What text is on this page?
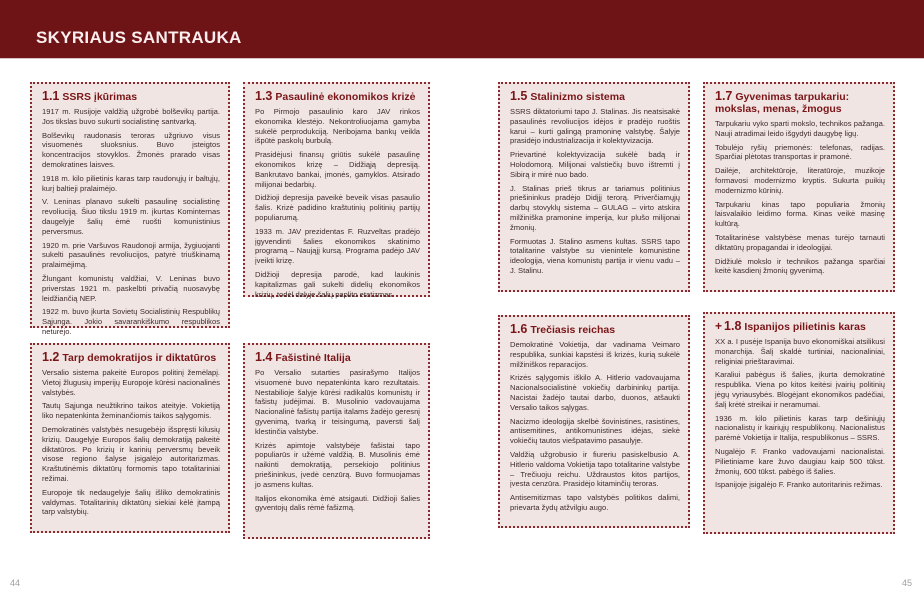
SKYRIAUS SANTRAUKA
1.1 SSRS įkūrimas

1917 m. Rusijoje valdžią užgrobė bolševikų partija. Jos tikslas buvo sukurti socialistinę santvarką.

Bolševikų raudonasis teroras užgriuvo visus visuomenės sluoksnius. Buvo įsteigtos koncentracijos stovyklos. Žmonės prarado visas demokratines laisves.

1918 m. kilo pilietinis karas tarp raudonųjų ir baltųjų, kurį baltieji pralaimėjo.

V. Leninas planavo sukelti pasaulinę socialistinę revoliuciją. Šiuo tikslu 1919 m. įkurtas Kominternas daugelyje šalių ėmė ruošti komunistinius perversmus.

1920 m. prie Varšuvos Raudonoji armija, žygiuojanti sukelti pasaulinės revoliucijos, patyrė triuškinamą pralaimėjimą.

Žlungant komunistų valdžiai, V. Leninas buvo priverstas 1921 m. paskelbti privačią nuosavybę leidžiančią NEP.

1922 m. buvo įkurta Sovietų Socialistinių Respublikų Sąjunga. Jokio savarankiškumo respublikos neturėjo.

1.2 Tarp demokratijos ir diktatūros

Versalio sistema pakeitė Europos politinį žemėlapį. Vietoj žlugusių imperijų Europoje kūrėsi nacionalinės valstybės.

Tautų Sąjunga neužtikrino taikos ateityje. Vokietiją liko nepatenkinta žeminančiomis taikos sąlygomis.

Demokratinės valstybės nesugebėjo išspręsti kilusių krizių. Daugelyje Europos šalių demokratiją pakeitė diktatūros. Po krizių ir karinių perversmų beveik visose regiono šalyse įsigalėjo autoritarizmas. Kraštutinėmis diktatūrų formomis tapo totalitariniai režimai.

Europoje tik nedaugelyje šalių išliko demokratinis valdymas. Totalitarinių diktatūrų siekiai kėlė įtampą tarp valstybių.

1.3 Pasaulinė ekonomikos krizė

Po Pirmojo pasaulinio karo JAV rinkos ekonomika klestėjo. Nekontroliuojama gamyba sukėlė perprodukciją. Neribojama bankų veikla išpūtė paskolų burbulą.

Prasidėjusi finansų griūtis sukėlė pasaulinę ekonomikos krizę – Didžiąją depresiją. Bankrutavo bankai, įmonės, gamyklos. Atsirado milijonai bedarbių.

Didžioji depresija paveikė beveik visas pasaulio šalis. Krizė padidino kraštutinių politinių partijų populiarumą.

1933 m. JAV prezidentas F. Ruzveltas pradėjo įgyvendinti šalies ekonomikos skatinimo programą – Naująjį kursą. Programa padėjo JAV įveikti krizę.

Didžioji depresija parodė, kad laukinis kapitalizmas gali sukelti didelių ekonomikos krizių, todėl dalyje šalių paplito etatizmas.

1.4 Fašistinė Italija

Po Versalio sutarties pasirašymo Italijos visuomenė buvo nepatenkinta karo rezultatais. Nestabilioje šalyje kūrėsi radikalūs komunistų ir fašistų judėjimai. B. Musolinio vadovaujama Nacionalinė fašistų partija italams žadėjo geresnį gyvenimą, tvarką ir teisingumą, paversti šalį klestinčia valstybe.

Krizės apimtoje valstybėje fašistai tapo populiarūs ir užėmė valdžią. B. Musolinis ėmė naikinti demokratiją, persekiojo politinius priešininkus, įvedė cenzūrą. Buvo formuojamas jo asmens kultas.

Italijos ekonomika ėmė atsigauti. Didžioji šalies gyventojų dalis rėmė fašizmą.

1.5 Stalinizmo sistema

SSRS diktatoriumi tapo J. Stalinas. Jis neatsisakė pasaulinės revoliucijos idėjos ir pradėjo ruoštis karui – kurti galingą pramoninę valstybę. Šalyje prasidėjo industrializacija ir kolektyvizacija.

Prievartinė kolektyvizacija sukėlė badą ir Holodomorą. Milijonai valstiečių buvo ištremti į Sibirą ir mirė nuo bado.

J. Stalinas prieš tikrus ar tariamus politinius priešininkus pradėjo Didįjį terorą. Priverčiamųjų darbų stovyklų sistema – GULAG – virto atskira milžiniška pramonine imperija, kur plušo milijonai žmonių.

Formuotas J. Stalino asmens kultas. SSRS tapo totalitarine valstybe su vienintele komunistine ideologija, viena komunistų partija ir vienu vadu – J. Stalinu.

1.6 Trečiasis reichas

Demokratinė Vokietija, dar vadinama Veimaro respublika, sunkiai kapstėsi iš krizės, kurią sukėlė milžiniškos reparacijos.

Krizės sąlygomis iškilo A. Hitlerio vadovaujama Nacionalsocialistinė vokiečių darbininkų partija. Nacistai žadėjo tautai darbo, duonos, atšaukti Versalio taikos sąlygas.

Nacizmo ideologija skelbė šovinistines, rasistines, antisemitines, antikomunistines idėjas, siekė vokiečių tautos viešpatavimo pasaulyje.

Valdžią užgrobusio ir fiureriu pasiskelbusio A. Hitlerio valdoma Vokietija tapo totalitarine valstybe – Trečiuoju reichu. Uždraustos kitos partijos, įvesta cenzūra. Prasidėjo kitaminčių teroras.

Antisemitizmas tapo valstybės politikos dalimi, prievarta žydų atžvilgiu augo.

1.7 Gyvenimas tarpukariu: mokslas, menas, žmogus

Tarpukariu vyko sparti mokslo, technikos pažanga. Nauji atradimai leido išgydyti daugybę ligų.

Tobulėjo ryšių priemonės: telefonas, radijas. Sparčiai plėtotas transportas ir pramonė.

Dailėje, architektūroje, literatūroje, muzikoje formavosi modernizmo kryptis. Sukurta puikių modernizmo kūrinių.

Tarpukariu kinas tapo populiaria žmonių laisvalaikio leidimo forma. Kinas veikė masinę kultūrą.

Totalitarinėse valstybėse menas turėjo tarnauti diktatūrų propagandai ir ideologijai.

Didžiulė mokslo ir technikos pažanga sparčiai keitė kasdienį žmonių gyvenimą.

+ 1.8 Ispanijos pilietinis karas

XX a. I pusėje Ispanija buvo ekonomiškai atsilikusi monarchija. Šalį skaldė turtiniai, nacionaliniai, religiniai prieštaravimai.

Karaliui pabėgus iš šalies, įkurta demokratinė respublika. Viena po kitos keitėsi įvairių politinių jėgų vyriausybės. Blogėjant ekonomikos padėčiai, šalį krėtė streikai ir neramumai.

1936 m. kilo pilietinis karas tarp dešiniųjų nacionalistų ir kairiųjų respublikonų. Nacionalistus parėmė Vokietija ir Italija, respublikonus – SSRS.

Nugalėjo F. Franko vadovaujami nacionalistai. Pilietiniame kare žuvo daugiau kaip 500 tūkst. žmonių, 600 tūkst. pabėgo iš šalies.

Ispanijoje įsigalėjo F. Franko autoritarinis režimas.

44	45
